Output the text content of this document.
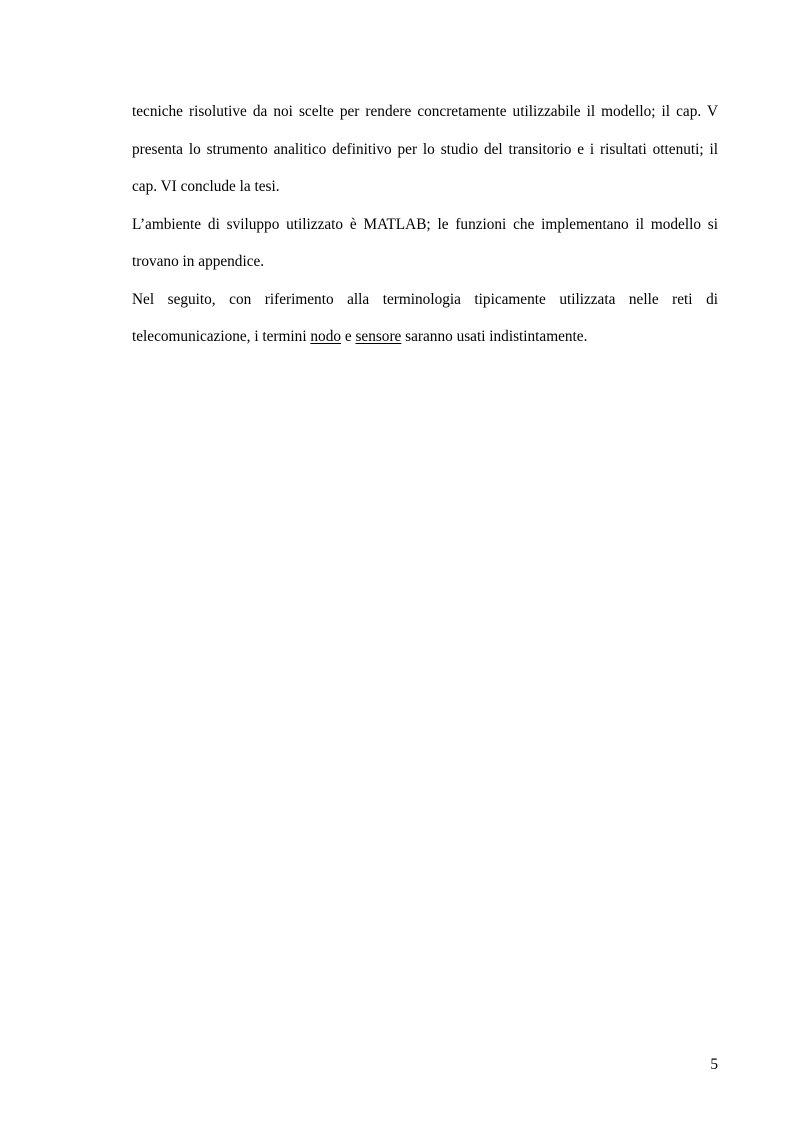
tecniche risolutive da noi scelte per rendere concretamente utilizzabile il modello; il cap. V
presenta lo strumento analitico definitivo per lo studio del transitorio e i risultati ottenuti; il
cap. VI conclude la tesi.
L’ambiente di sviluppo utilizzato è MATLAB; le funzioni che implementano il modello si
trovano in appendice.
Nel seguito, con riferimento alla terminologia tipicamente utilizzata nelle reti di
telecomunicazione, i termini nodo e sensore saranno usati indistintamente.
5
